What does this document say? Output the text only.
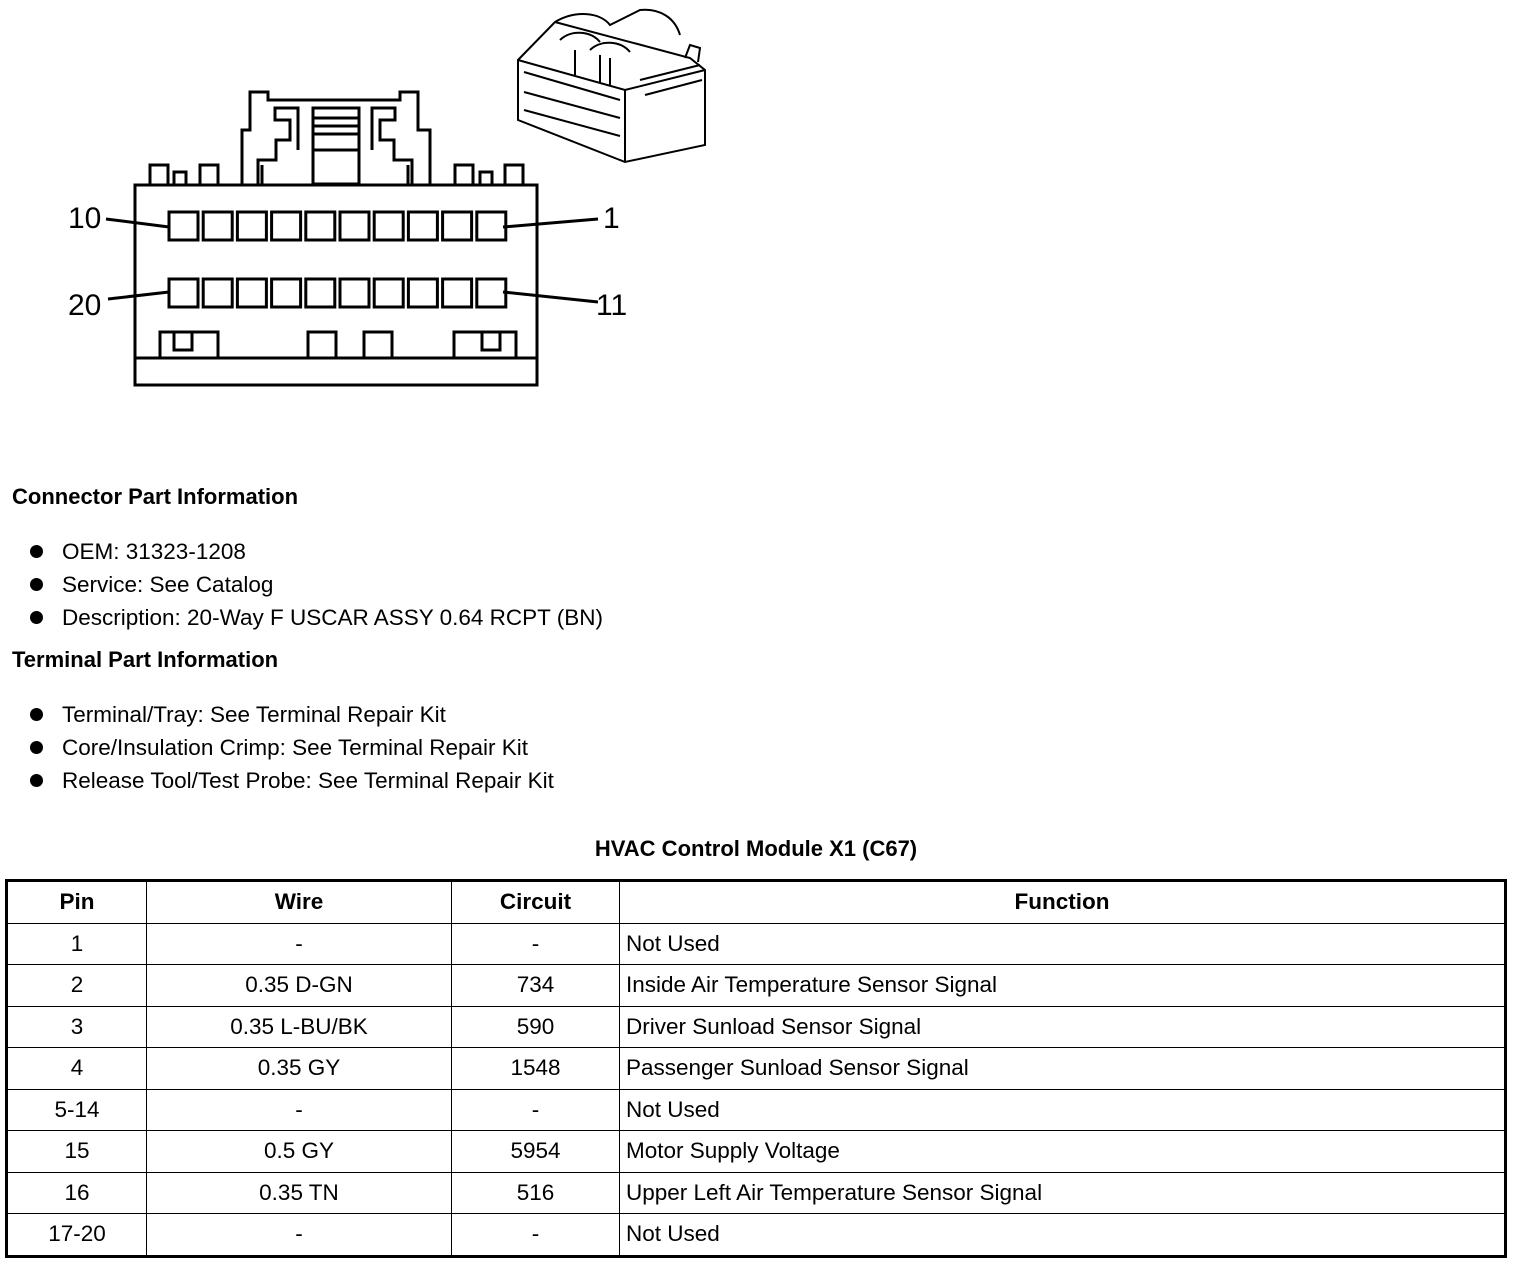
10	1
20	11
Connector Part Information
OEM: 31323-1208
Service: See Catalog
Description: 20-Way F USCAR ASSY 0.64 RCPT (BN)
Terminal Part Information
Terminal/Tray: See Terminal Repair Kit
Core/Insulation Crimp: See Terminal Repair Kit
Release Tool/Test Probe: See Terminal Repair Kit
HVAC Control Module X1 (C67)
Pin	Wire	Circuit	Function
1	-	-	Not Used
2	0.35 D-GN	734	Inside Air Temperature Sensor Signal
3	0.35 L-BU/BK	590	Driver Sunload Sensor Signal
4	0.35 GY	1548	Passenger Sunload Sensor Signal
5-14	-	-	Not Used
15	0.5 GY	5954	Motor Supply Voltage
16	0.35 TN	516	Upper Left Air Temperature Sensor Signal
17-20	-	-	Not Used
